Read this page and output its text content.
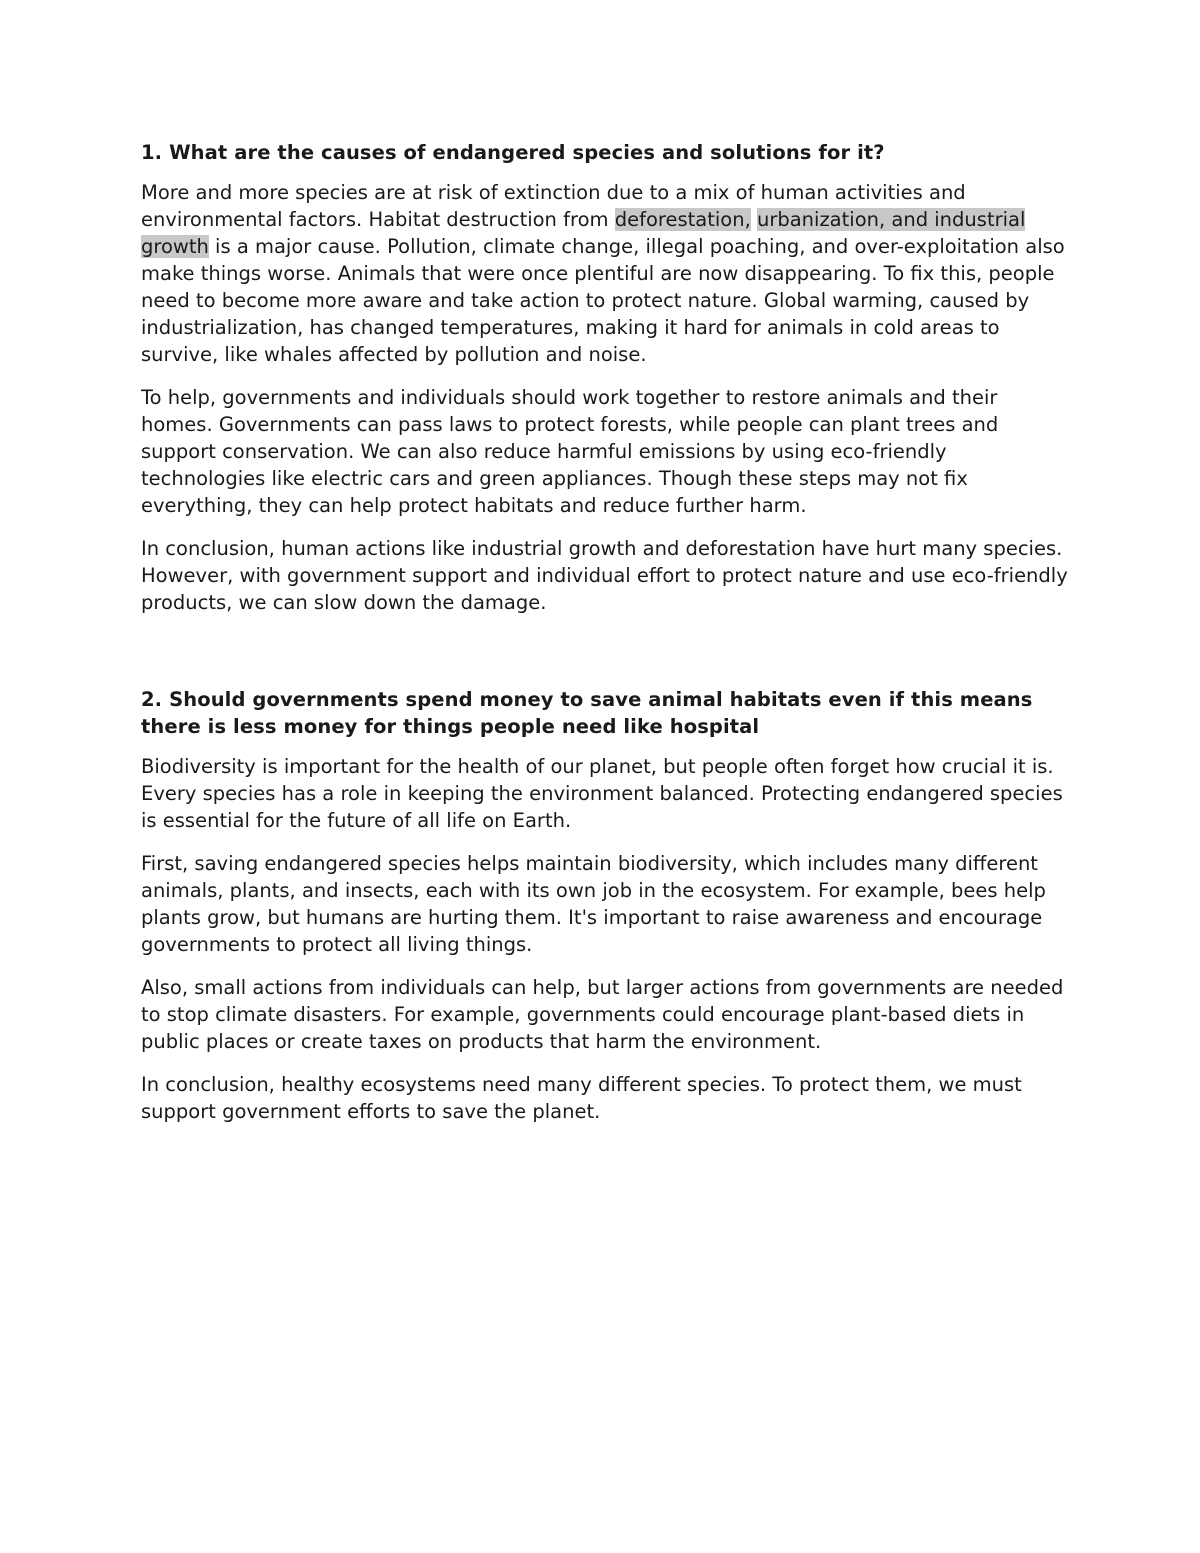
1. What are the causes of endangered species and solutions for it?

More and more species are at risk of extinction due to a mix of human activities and environmental factors. Habitat destruction from deforestation, urbanization, and industrial growth is a major cause. Pollution, climate change, illegal poaching, and over-exploitation also make things worse. Animals that were once plentiful are now disappearing. To fix this, people need to become more aware and take action to protect nature. Global warming, caused by industrialization, has changed temperatures, making it hard for animals in cold areas to survive, like whales affected by pollution and noise.

To help, governments and individuals should work together to restore animals and their homes. Governments can pass laws to protect forests, while people can plant trees and support conservation. We can also reduce harmful emissions by using eco-friendly technologies like electric cars and green appliances. Though these steps may not fix everything, they can help protect habitats and reduce further harm.

In conclusion, human actions like industrial growth and deforestation have hurt many species. However, with government support and individual effort to protect nature and use eco-friendly products, we can slow down the damage.

2. Should governments spend money to save animal habitats even if this means there is less money for things people need like hospital

Biodiversity is important for the health of our planet, but people often forget how crucial it is. Every species has a role in keeping the environment balanced. Protecting endangered species is essential for the future of all life on Earth.

First, saving endangered species helps maintain biodiversity, which includes many different animals, plants, and insects, each with its own job in the ecosystem. For example, bees help plants grow, but humans are hurting them. It's important to raise awareness and encourage governments to protect all living things.

Also, small actions from individuals can help, but larger actions from governments are needed to stop climate disasters. For example, governments could encourage plant-based diets in public places or create taxes on products that harm the environment.

In conclusion, healthy ecosystems need many different species. To protect them, we must support government efforts to save the planet.
